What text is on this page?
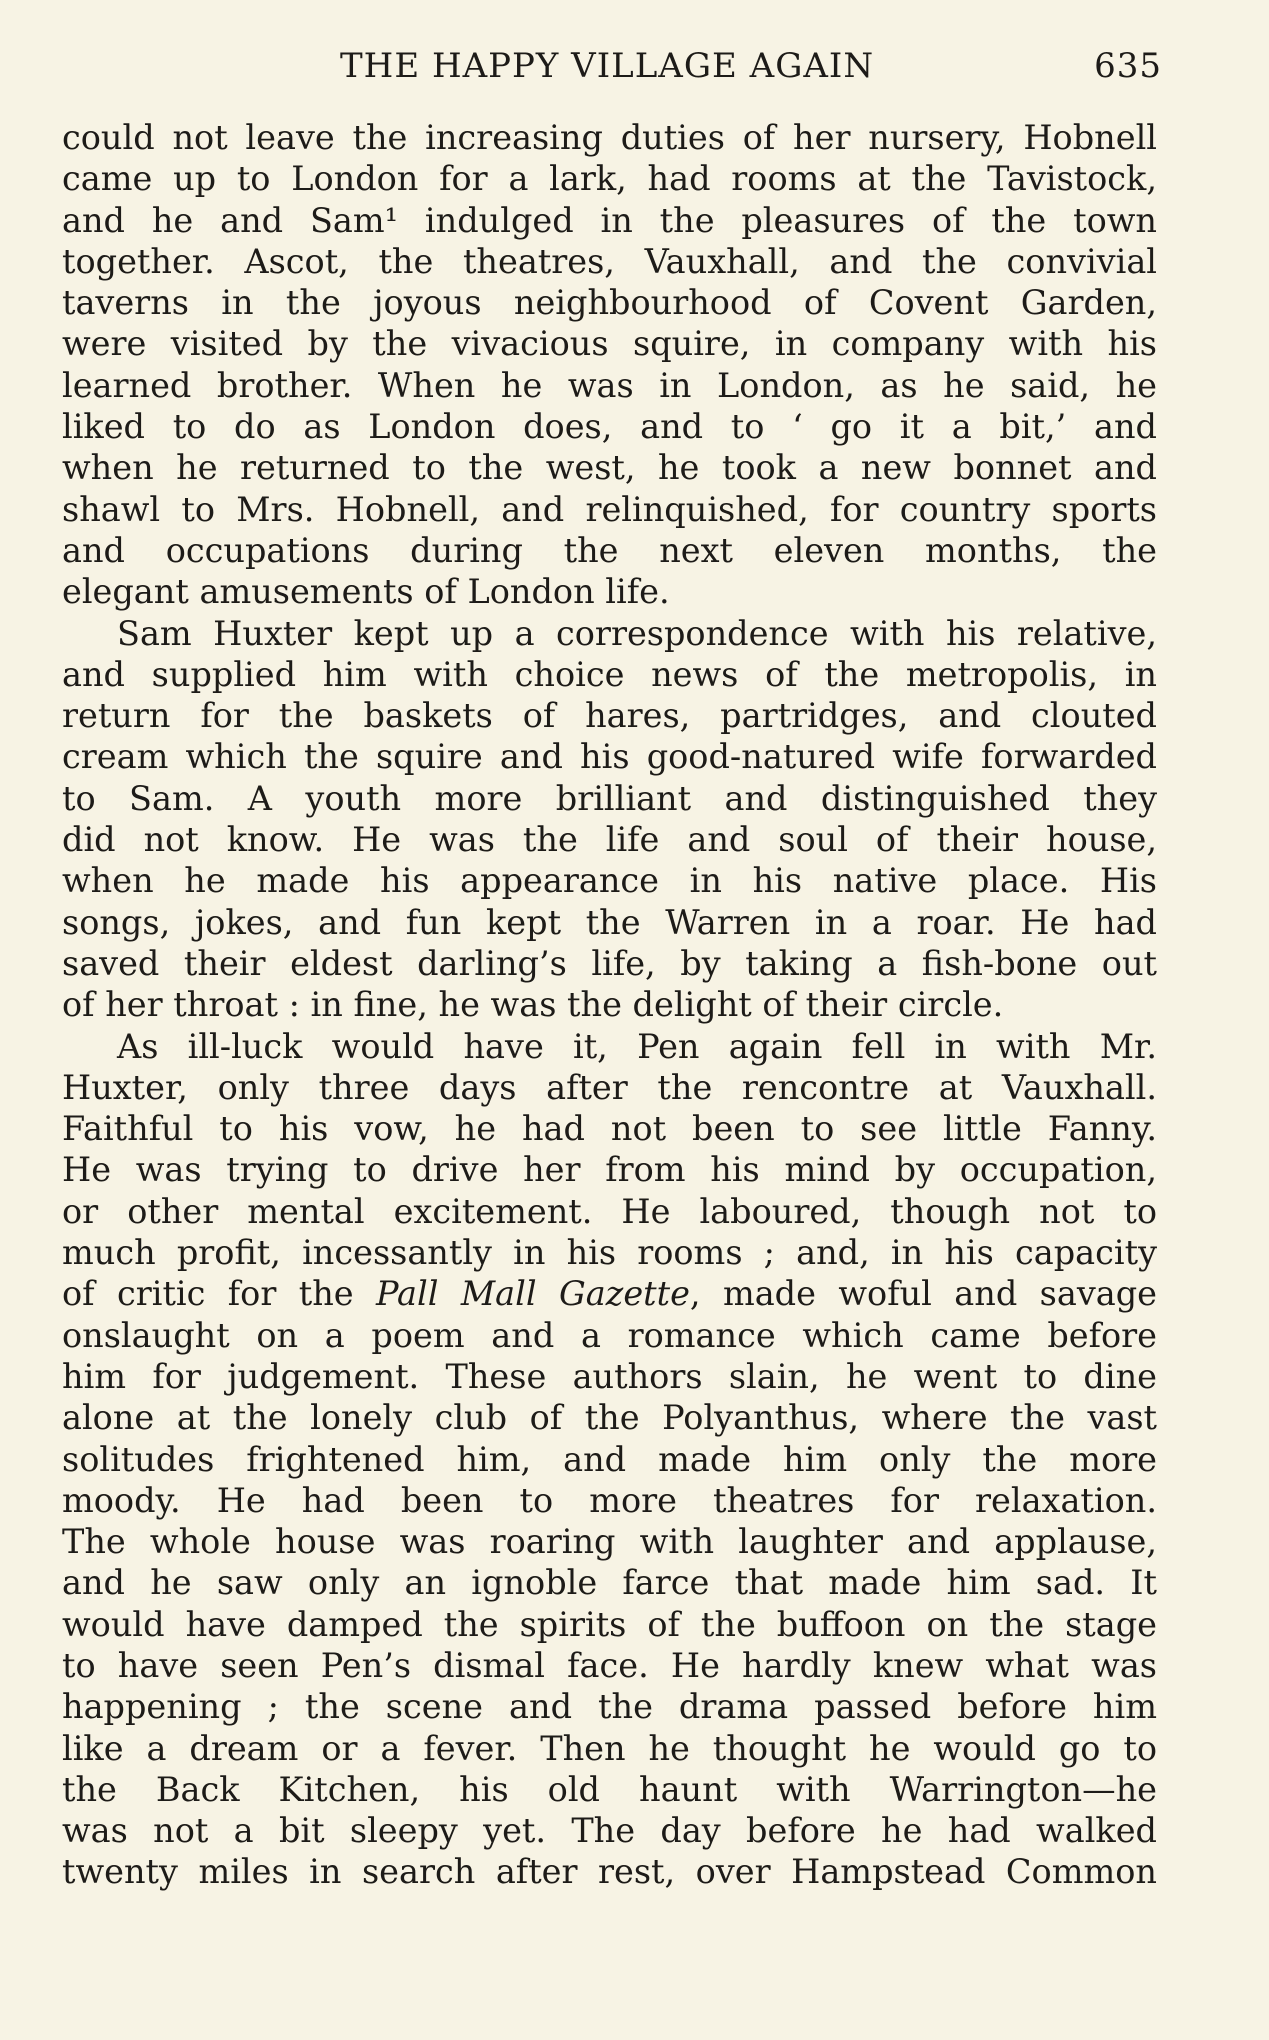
THE HAPPY VILLAGE AGAIN	635
could not leave the increasing duties of her nursery, Hobnell
came up to London for a lark, had rooms at the Tavistock,
and he and Sam¹ indulged in the pleasures of the town
together. Ascot, the theatres, Vauxhall, and the convivial
taverns in the joyous neighbourhood of Covent Garden,
were visited by the vivacious squire, in company with his
learned brother. When he was in London, as he said, he
liked to do as London does, and to ‘ go it a bit,’ and
when he returned to the west, he took a new bonnet and
shawl to Mrs. Hobnell, and relinquished, for country sports
and occupations during the next eleven months, the
elegant amusements of London life.
Sam Huxter kept up a correspondence with his relative,
and supplied him with choice news of the metropolis, in
return for the baskets of hares, partridges, and clouted
cream which the squire and his good-natured wife forwarded
to Sam. A youth more brilliant and distinguished they
did not know. He was the life and soul of their house,
when he made his appearance in his native place. His
songs, jokes, and fun kept the Warren in a roar. He had
saved their eldest darling’s life, by taking a fish-bone out
of her throat : in fine, he was the delight of their circle.
As ill-luck would have it, Pen again fell in with Mr.
Huxter, only three days after the rencontre at Vauxhall.
Faithful to his vow, he had not been to see little Fanny.
He was trying to drive her from his mind by occupation,
or other mental excitement. He laboured, though not to
much profit, incessantly in his rooms ; and, in his capacity
of critic for the Pall Mall Gazette, made woful and savage
onslaught on a poem and a romance which came before
him for judgement. These authors slain, he went to dine
alone at the lonely club of the Polyanthus, where the vast
solitudes frightened him, and made him only the more
moody. He had been to more theatres for relaxation.
The whole house was roaring with laughter and applause,
and he saw only an ignoble farce that made him sad. It
would have damped the spirits of the buffoon on the stage
to have seen Pen’s dismal face. He hardly knew what was
happening ; the scene and the drama passed before him
like a dream or a fever. Then he thought he would go to
the Back Kitchen, his old haunt with Warrington—he
was not a bit sleepy yet. The day before he had walked
twenty miles in search after rest, over Hampstead Common
